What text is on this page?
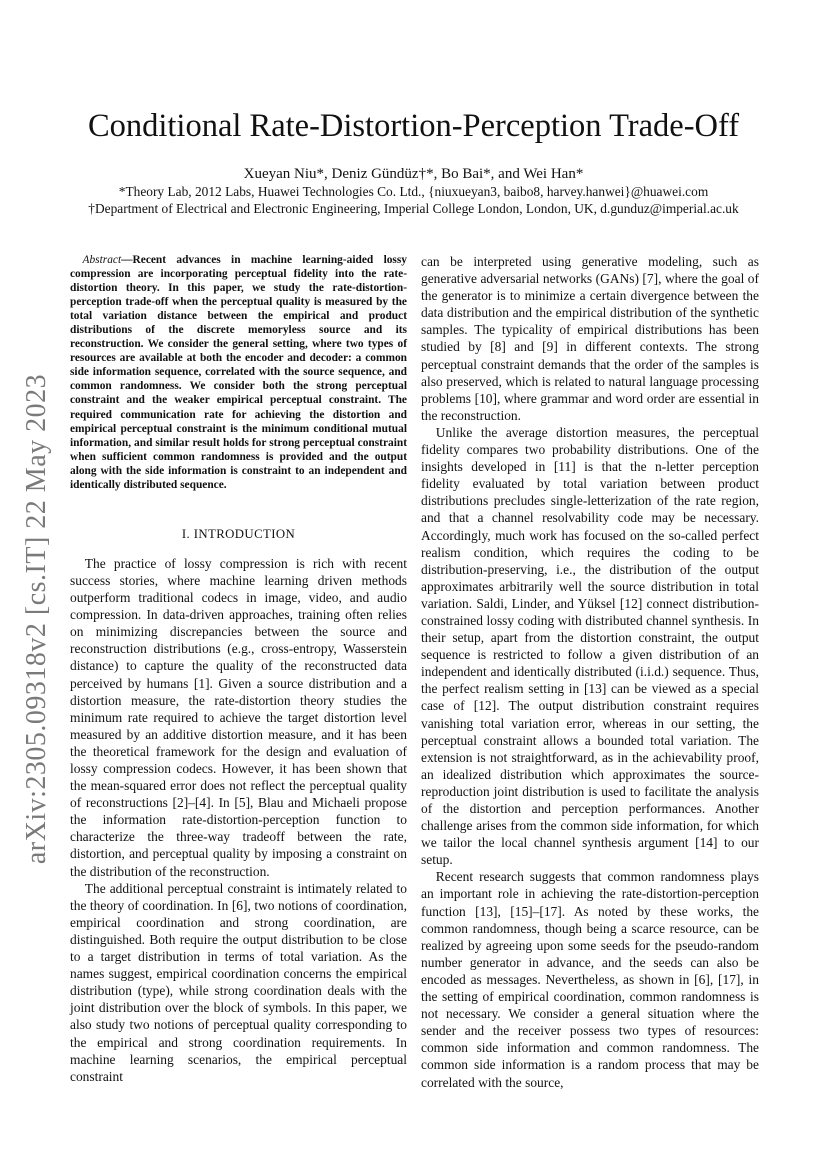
arXiv:2305.09318v2 [cs.IT] 22 May 2023
Conditional Rate-Distortion-Perception Trade-Off
Xueyan Niu*, Deniz Gündüz†*, Bo Bai*, and Wei Han*
*Theory Lab, 2012 Labs, Huawei Technologies Co. Ltd., {niuxueyan3, baibo8, harvey.hanwei}@huawei.com
†Department of Electrical and Electronic Engineering, Imperial College London, London, UK, d.gunduz@imperial.ac.uk

Abstract—Recent advances in machine learning-aided lossy compression are incorporating perceptual fidelity into the rate-distortion theory. In this paper, we study the rate-distortion-perception trade-off when the perceptual quality is measured by the total variation distance between the empirical and product distributions of the discrete memoryless source and its reconstruction. We consider the general setting, where two types of resources are available at both the encoder and decoder: a common side information sequence, correlated with the source sequence, and common randomness. We consider both the strong perceptual constraint and the weaker empirical perceptual constraint. The required communication rate for achieving the distortion and empirical perceptual constraint is the minimum conditional mutual information, and similar result holds for strong perceptual constraint when sufficient common randomness is provided and the output along with the side information is constraint to an independent and identically distributed sequence.

I. INTRODUCTION

The practice of lossy compression is rich with recent success stories, where machine learning driven methods outperform traditional codecs in image, video, and audio compression. In data-driven approaches, training often relies on minimizing discrepancies between the source and reconstruction distributions (e.g., cross-entropy, Wasserstein distance) to capture the quality of the reconstructed data perceived by humans [1]. Given a source distribution and a distortion measure, the rate-distortion theory studies the minimum rate required to achieve the target distortion level measured by an additive distortion measure, and it has been the theoretical framework for the design and evaluation of lossy compression codecs. However, it has been shown that the mean-squared error does not reflect the perceptual quality of reconstructions [2]–[4]. In [5], Blau and Michaeli propose the information rate-distortion-perception function to characterize the three-way tradeoff between the rate, distortion, and perceptual quality by imposing a constraint on the distribution of the reconstruction.

The additional perceptual constraint is intimately related to the theory of coordination. In [6], two notions of coordination, empirical coordination and strong coordination, are distinguished. Both require the output distribution to be close to a target distribution in terms of total variation. As the names suggest, empirical coordination concerns the empirical distribution (type), while strong coordination deals with the joint distribution over the block of symbols. In this paper, we also study two notions of perceptual quality corresponding to the empirical and strong coordination requirements. In machine learning scenarios, the empirical perceptual constraint

can be interpreted using generative modeling, such as generative adversarial networks (GANs) [7], where the goal of the generator is to minimize a certain divergence between the data distribution and the empirical distribution of the synthetic samples. The typicality of empirical distributions has been studied by [8] and [9] in different contexts. The strong perceptual constraint demands that the order of the samples is also preserved, which is related to natural language processing problems [10], where grammar and word order are essential in the reconstruction.

Unlike the average distortion measures, the perceptual fidelity compares two probability distributions. One of the insights developed in [11] is that the n-letter perception fidelity evaluated by total variation between product distributions precludes single-letterization of the rate region, and that a channel resolvability code may be necessary. Accordingly, much work has focused on the so-called perfect realism condition, which requires the coding to be distribution-preserving, i.e., the distribution of the output approximates arbitrarily well the source distribution in total variation. Saldi, Linder, and Yüksel [12] connect distribution-constrained lossy coding with distributed channel synthesis. In their setup, apart from the distortion constraint, the output sequence is restricted to follow a given distribution of an independent and identically distributed (i.i.d.) sequence. Thus, the perfect realism setting in [13] can be viewed as a special case of [12]. The output distribution constraint requires vanishing total variation error, whereas in our setting, the perceptual constraint allows a bounded total variation. The extension is not straightforward, as in the achievability proof, an idealized distribution which approximates the source-reproduction joint distribution is used to facilitate the analysis of the distortion and perception performances. Another challenge arises from the common side information, for which we tailor the local channel synthesis argument [14] to our setup.

Recent research suggests that common randomness plays an important role in achieving the rate-distortion-perception function [13], [15]–[17]. As noted by these works, the common randomness, though being a scarce resource, can be realized by agreeing upon some seeds for the pseudo-random number generator in advance, and the seeds can also be encoded as messages. Nevertheless, as shown in [6], [17], in the setting of empirical coordination, common randomness is not necessary. We consider a general situation where the sender and the receiver possess two types of resources: common side information and common randomness. The common side information is a random process that may be correlated with the source,
